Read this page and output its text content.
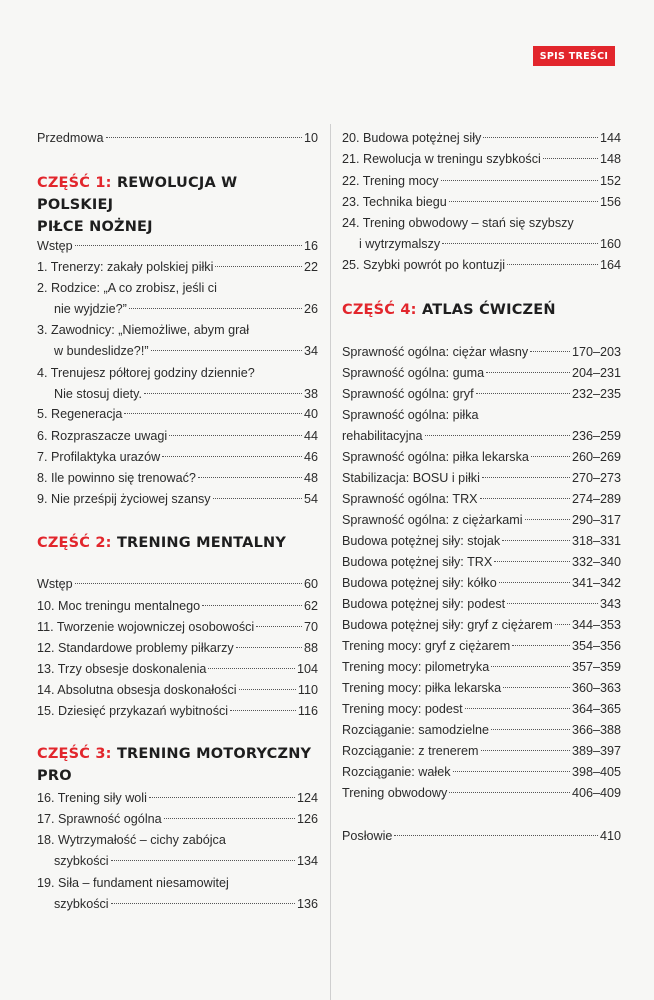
SPIS TREŚCI
Przedmowa	10
CZĘŚĆ 1: REWOLUCJA W POLSKIEJ
PIŁCE NOŻNEJ
Wstęp	16
1. Trenerzy: zakały polskiej piłki	22
2. Rodzice: „A co zrobisz, jeśli ci
nie wyjdzie?”	26
3. Zawodnicy: „Niemożliwe, abym grał
w bundeslidze?!”	34
4. Trenujesz półtorej godziny dziennie?
Nie stosuj diety.	38
5. Regeneracja	40
6. Rozpraszacze uwagi	44
7. Profilaktyka urazów	46
8. Ile powinno się trenować?	48
9. Nie prześpij życiowej szansy	54
CZĘŚĆ 2: TRENING MENTALNY
Wstęp	60
10. Moc treningu mentalnego	62
11. Tworzenie wojowniczej osobowości	70
12. Standardowe problemy piłkarzy	88
13. Trzy obsesje doskonalenia	104
14. Absolutna obsesja doskonałości	110
15. Dziesięć przykazań wybitności	116
CZĘŚĆ 3: TRENING MOTORYCZNY PRO
16. Trening siły woli	124
17. Sprawność ogólna	126
18. Wytrzymałość – cichy zabójca
szybkości	134
19. Siła – fundament niesamowitej
szybkości	136
20. Budowa potężnej siły	144
21. Rewolucja w treningu szybkości	148
22. Trening mocy	152
23. Technika biegu	156
24. Trening obwodowy – stań się szybszy
i wytrzymalszy	160
25. Szybki powrót po kontuzji	164
CZĘŚĆ 4: ATLAS ĆWICZEŃ
Sprawność ogólna: ciężar własny	170–203
Sprawność ogólna: guma	204–231
Sprawność ogólna: gryf	232–235
Sprawność ogólna: piłka
rehabilitacyjna	236–259
Sprawność ogólna: piłka lekarska	260–269
Stabilizacja: BOSU i piłki	270–273
Sprawność ogólna: TRX	274–289
Sprawność ogólna: z ciężarkami	290–317
Budowa potężnej siły: stojak	318–331
Budowa potężnej siły: TRX	332–340
Budowa potężnej siły: kółko	341–342
Budowa potężnej siły: podest	343
Budowa potężnej siły: gryf z ciężarem 344–353
Trening mocy: gryf z ciężarem	354–356
Trening mocy: pilometryka	357–359
Trening mocy: piłka lekarska	360–363
Trening mocy: podest	364–365
Rozciąganie: samodzielne	366–388
Rozciąganie: z trenerem	389–397
Rozciąganie: wałek	398–405
Trening obwodowy	406–409
Posłowie	410
